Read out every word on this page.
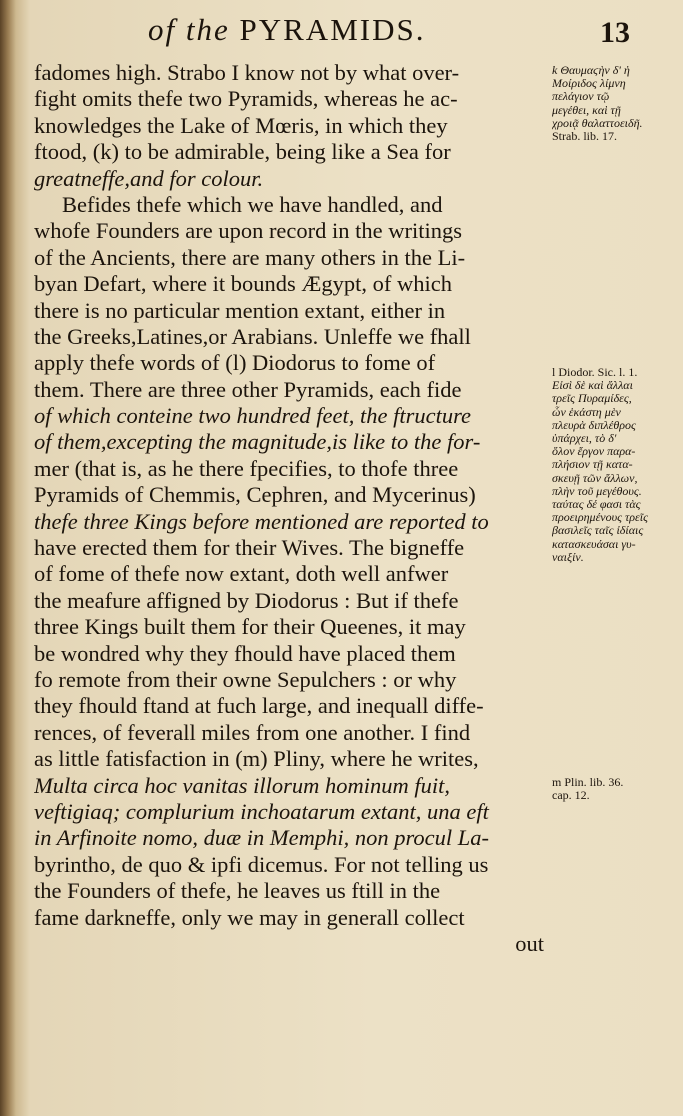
of the PYRAMIDS.	13
fadomes high. Strabo I know not by what over-
fight omits thefe two Pyramids, whereas he ac-
knowledges the Lake of Mœris, in which they
ftood, (k) to be admirable, being like a Sea for
greatneffe,and for colour.
Befides thefe which we have handled, and
whofe Founders are upon record in the writings
of the Ancients, there are many others in the Li-
byan Defart, where it bounds Ægypt, of which
there is no particular mention extant, either in
the Greeks,Latines,or Arabians. Unleffe we fhall
apply thefe words of (l) Diodorus to fome of
them. There are three other Pyramids, each fide
of which conteine two hundred feet, the ftructure
of them,excepting the magnitude,is like to the for-
mer (that is, as he there fpecifies, to thofe three
Pyramids of Chemmis, Cephren, and Mycerinus)
thefe three Kings before mentioned are reported to
have erected them for their Wives. The bigneffe
of fome of thefe now extant, doth well anfwer
the meafure affigned by Diodorus : But if thefe
three Kings built them for their Queenes, it may
be wondred why they fhould have placed them
fo remote from their owne Sepulchers : or why
they fhould ftand at fuch large, and inequall diffe-
rences, of feverall miles from one another. I find
as little fatisfaction in (m) Pliny, where he writes,
Multa circa hoc vanitas illorum hominum fuit,
veftigiaq; complurium inchoatarum extant, una eft
in Arfinoite nomo, duæ in Memphi, non procul La-
byrintho, de quo & ipfi dicemus. For not telling us
the Founders of thefe, he leaves us ftill in the
fame darkneffe, only we may in generall collect
out
k Θαυμαϛὴν δ' ἡ
Μοίριδος λίμνη
πελάγιον τῷ
μεγέθει, καὶ τῇ
χροιᾷ θαλαττοειδῆ.
Strab. lib. 17.
l Diodor. Sic. l. 1.
Εἰσὶ δὲ καὶ ἄλλαι
τρεῖς Πυραμίδες,
ὧν ἑκάστη μὲν
πλευρὰ διπλέθρος
ὑπάρχει, τὸ δ'
ὅλον ἔργον παρα-
πλήσιον τῇ κατα-
σκευῇ τῶν ἄλλων,
πλὴν τοῦ μεγέθους.
ταύτας δέ φασι τὰς
προειρημένους τρεῖς
βασιλεῖς ταῖς ἰδίαις
κατασκευάσαι γυ-
ναιξίν.
m Plin. lib. 36.
cap. 12.
